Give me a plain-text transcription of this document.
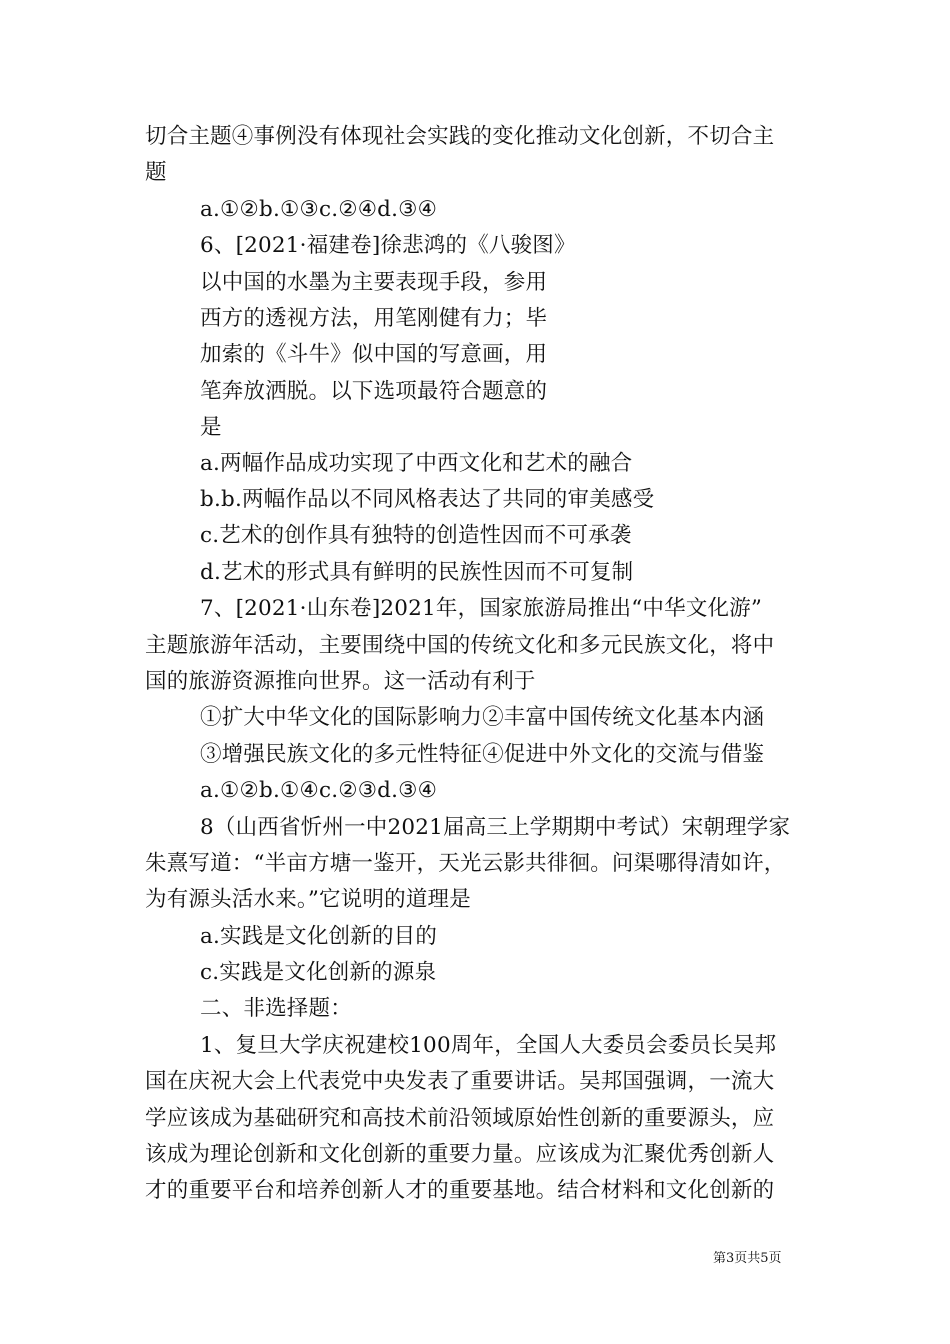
切合主题④事例没有体现社会实践的变化推动文化创新，不切合主
题
a.①②b.①③c.②④d.③④
6、[2021·福建卷]徐悲鸿的《八骏图》
以中国的水墨为主要表现手段，参用
西方的透视方法，用笔刚健有力；毕
加索的《斗牛》似中国的写意画，用
笔奔放洒脱。以下选项最符合题意的
是
a.两幅作品成功实现了中西文化和艺术的融合
b.b.两幅作品以不同风格表达了共同的审美感受
c.艺术的创作具有独特的创造性因而不可承袭
d.艺术的形式具有鲜明的民族性因而不可复制
7、[2021·山东卷]2021年，国家旅游局推出“中华文化游”
主题旅游年活动，主要围绕中国的传统文化和多元民族文化，将中
国的旅游资源推向世界。这一活动有利于
①扩大中华文化的国际影响力②丰富中国传统文化基本内涵
③增强民族文化的多元性特征④促进中外文化的交流与借鉴
a.①②b.①④c.②③d.③④
8（山西省忻州一中2021届高三上学期期中考试）宋朝理学家
朱熹写道：“半亩方塘一鉴开，天光云影共徘徊。问渠哪得清如许，
为有源头活水来。”它说明的道理是
a.实践是文化创新的目的
c.实践是文化创新的源泉
二、非选择题：
1、复旦大学庆祝建校100周年，全国人大委员会委员长吴邦
国在庆祝大会上代表党中央发表了重要讲话。吴邦国强调，一流大
学应该成为基础研究和高技术前沿领域原始性创新的重要源头，应
该成为理论创新和文化创新的重要力量。应该成为汇聚优秀创新人
才的重要平台和培养创新人才的重要基地。结合材料和文化创新的
第3页共5页
